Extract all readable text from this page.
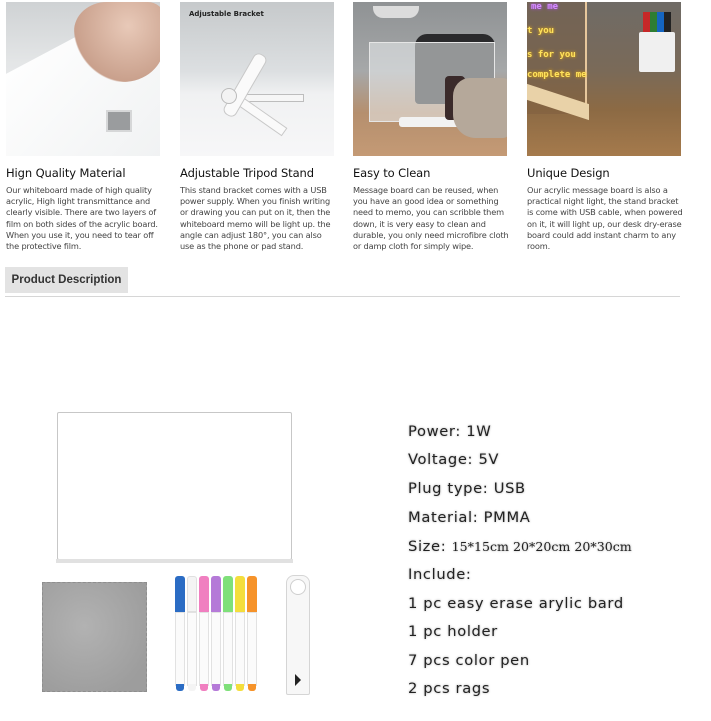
Hign Quality Material
Our whiteboard made of high quality acrylic, High light transmittance and clearly visible. There are two layers of film on both sides of the acrylic board. When you use it, you need to tear off the protective film.
Adjustable Bracket
Adjustable Tripod Stand
This stand bracket comes with a USB power supply. When you finish writing or drawing you can put on it, then the whiteboard memo will be light up. the angle can adjust 180°, you can also use as the phone or pad stand.
Easy to Clean
Message board can be reused, when you have an good idea or something need to memo, you can scribble them down, it is very easy to clean and durable, you only need microfibre cloth or damp cloth for simply wipe.
me me
t you
s for you
complete me
Unique Design
Our acrylic message board is also a practical night light, the stand bracket is come with USB cable, when powered on it, it will light up, our desk dry-erase board could add instant charm to any room.
Product Description
Power: 1W
Voltage: 5V
Plug type: USB
Material: PMMA
Size: 15*15cm 20*20cm 20*30cm
Include:
1 pc easy erase arylic bard
1 pc holder
7 pcs color pen
2 pcs rags
